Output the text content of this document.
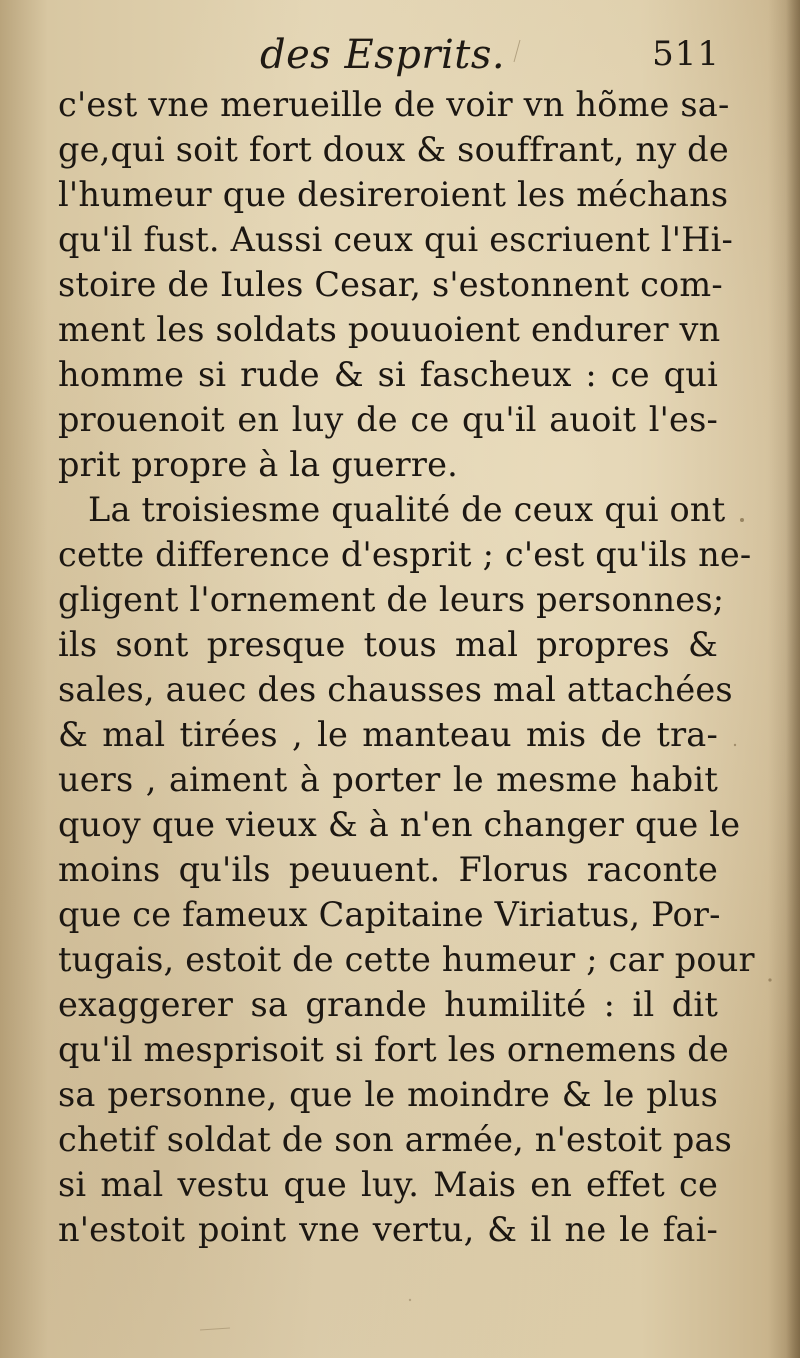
des Esprits.	511
c'est vne merueille de voir vn hõme sa-
ge,qui soit fort doux & souffrant, ny de
l'humeur que desireroient les méchans
qu'il fust. Aussi ceux qui escriuent l'Hi-
stoire de Iules Cesar, s'estonnent com-
ment les soldats pouuoient endurer vn
homme si rude & si fascheux : ce qui
prouenoit en luy de ce qu'il auoit l'es-
prit propre à la guerre.
La troisiesme qualité de ceux qui ont
cette difference d'esprit ; c'est qu'ils ne-
gligent l'ornement de leurs personnes;
ils sont presque tous mal propres &
sales, auec des chausses mal attachées
& mal tirées , le manteau mis de tra-
uers , aiment à porter le mesme habit
quoy que vieux & à n'en changer que le
moins qu'ils peuuent. Florus raconte
que ce fameux Capitaine Viriatus, Por-
tugais, estoit de cette humeur ; car pour
exaggerer sa grande humilité : il dit
qu'il mesprisoit si fort les ornemens de
sa personne, que le moindre & le plus
chetif soldat de son armée, n'estoit pas
si mal vestu que luy. Mais en effet ce
n'estoit point vne vertu, & il ne le fai-
